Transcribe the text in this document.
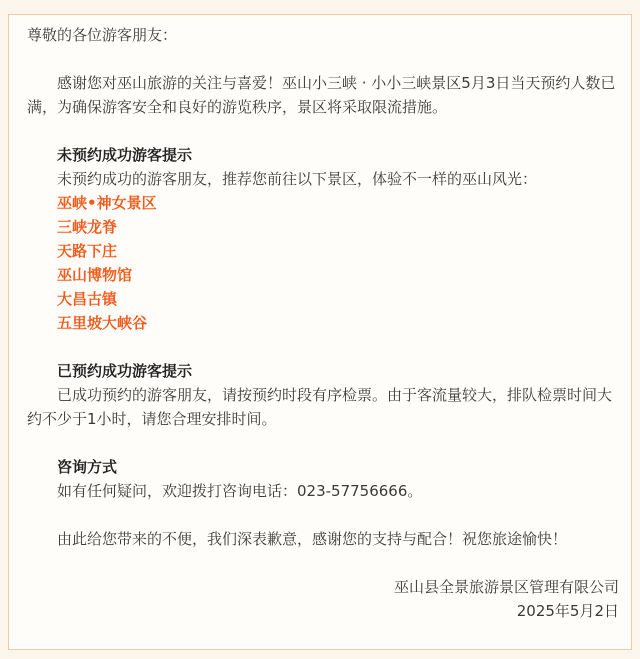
尊敬的各位游客朋友：

感谢您对巫山旅游的关注与喜爱！巫山小三峡 · 小小三峡景区5月3日当天预约人数已满，为确保游客安全和良好的游览秩序，景区将采取限流措施。

未预约成功游客提示

未预约成功的游客朋友，推荐您前往以下景区，体验不一样的巫山风光：

巫峡•神女景区

三峡龙脊

天路下庄

巫山博物馆

大昌古镇

五里坡大峡谷

已预约成功游客提示

已成功预约的游客朋友，请按预约时段有序检票。由于客流量较大，排队检票时间大约不少于1小时，请您合理安排时间。

咨询方式

如有任何疑问，欢迎拨打咨询电话：023-57756666。

由此给您带来的不便，我们深表歉意，感谢您的支持与配合！祝您旅途愉快！

巫山县全景旅游景区管理有限公司

2025年5月2日
